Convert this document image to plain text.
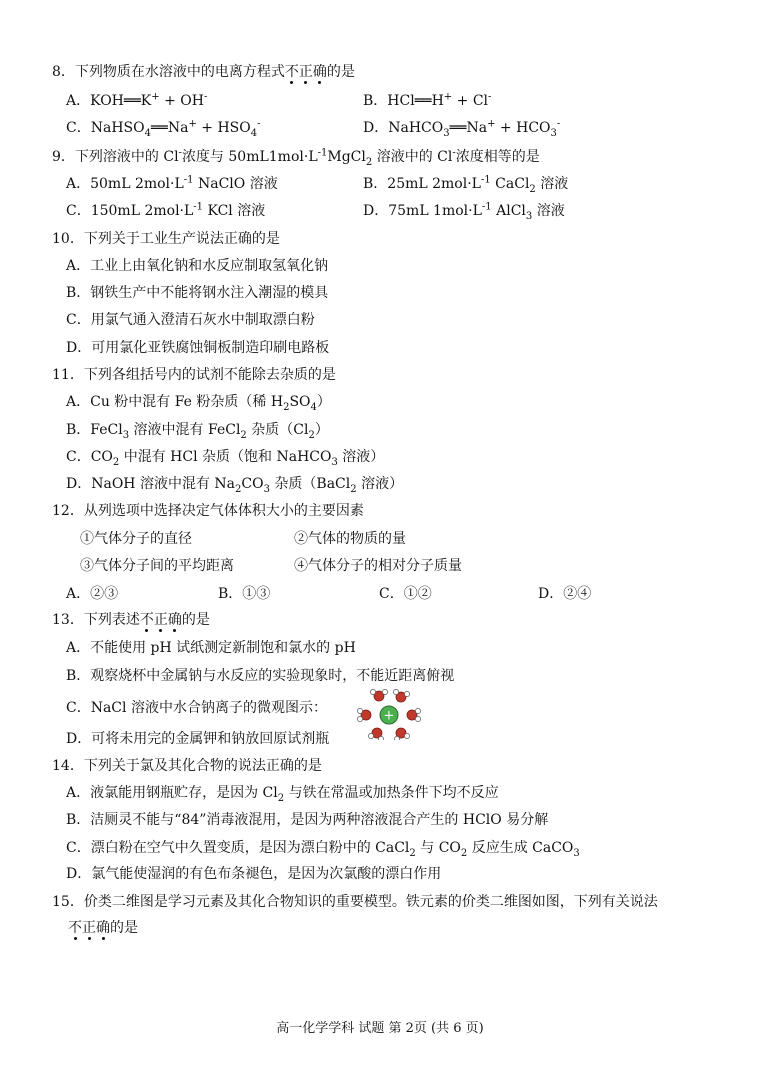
8．下列物质在水溶液中的电离方程式不正确的是
A．KOH══K+ + OH-	B．HCl══H+ + Cl-
C．NaHSO$_4$══Na+ + $HSO_4^-$	D．NaHCO$_3$══Na+ + $HCO_3^-$
9．下列溶液中的 Cl-浓度与 $50mL1mol\cdot L^{-1}MgCl_2$ 溶液中的 Cl-浓度相等的是
A．50mL $2mol\cdot L^{-1}$ NaClO 溶液	B．25mL $2mol\cdot L^{-1}$ CaCl$_2$ 溶液
C．150mL $2mol\cdot L^{-1}$ KCl 溶液	D．75mL $1mol\cdot L^{-1}$ AlCl$_3$ 溶液
10．下列关于工业生产说法正确的是
A．工业上由氧化钠和水反应制取氢氧化钠
B．钢铁生产中不能将钢水注入潮湿的模具
C．用氯气通入澄清石灰水中制取漂白粉
D．可用氯化亚铁腐蚀铜板制造印刷电路板
11．下列各组括号内的试剂不能除去杂质的是
A．Cu 粉中混有 Fe 粉杂质（稀 $H_2SO_4$）
B．FeCl$_3$ 溶液中混有 FeCl$_2$ 杂质$(Cl_2)$
C．$CO_2$ 中混有 HCl 杂质（饱和 NaHCO$_3$ 溶液）
D．NaOH 溶液中混有 $Na_2CO_3$ 杂质（BaCl$_2$ 溶液）
12．从列选项中选择决定气体体积大小的主要因素
①气体分子的直径	②气体的物质的量
③气体分子间的平均距离	④气体分子的相对分子质量
A．②③	B．①③	C．①②	D．②④
13．下列表述不正确的是
A．不能使用 pH 试纸测定新制饱和氯水的 pH
B．观察烧杯中金属钠与水反应的实验现象时，不能近距离俯视
C．NaCl 溶液中水合钠离子的微观图示：	+
D．可将未用完的金属钾和钠放回原试剂瓶
14．下列关于氯及其化合物的说法正确的是
A．液氯能用钢瓶贮存，是因为 $Cl_2$ 与铁在常温或加热条件下均不反应
B．洁厕灵不能与“84”消毒液混用，是因为两种溶液混合产生的 HClO 易分解
C．漂白粉在空气中久置变质，是因为漂白粉中的 CaCl$_2$ 与 $CO_2$ 反应生成 CaCO$_3$
D．氯气能使湿润的有色布条褪色，是因为次氯酸的漂白作用
15．价类二维图是学习元素及其化合物知识的重要模型。铁元素的价类二维图如图，下列有关说法
不正确的是
高一化学学科 试题 第 2页 (共 6 页)
